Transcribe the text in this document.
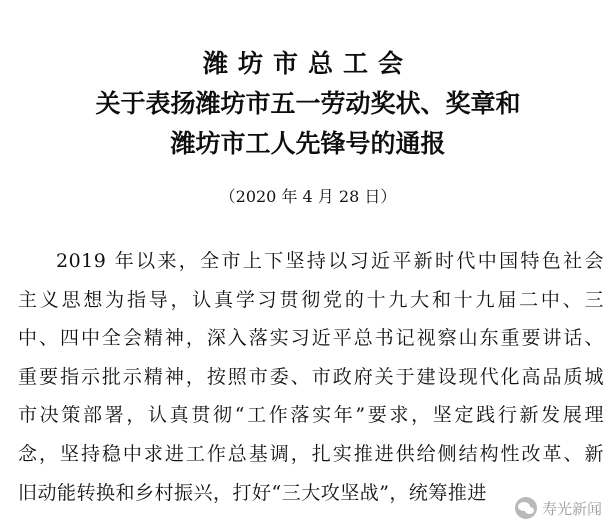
潍坊市总工会
关于表扬潍坊市五一劳动奖状、奖章和
潍坊市工人先锋号的通报
（2020 年 4 月 28 日）
2019 年以来，全市上下坚持以习近平新时代中国特色社会
主义思想为指导，认真学习贯彻党的十九大和十九届二中、三
中、四中全会精神，深入落实习近平总书记视察山东重要讲话、
重要指示批示精神，按照市委、市政府关于建设现代化高品质城
市决策部署，认真贯彻“工作落实年”要求，坚定践行新发展理
念，坚持稳中求进工作总基调，扎实推进供给侧结构性改革、新
旧动能转换和乡村振兴，打好“三大攻坚战”，统筹推进
寿光新闻
